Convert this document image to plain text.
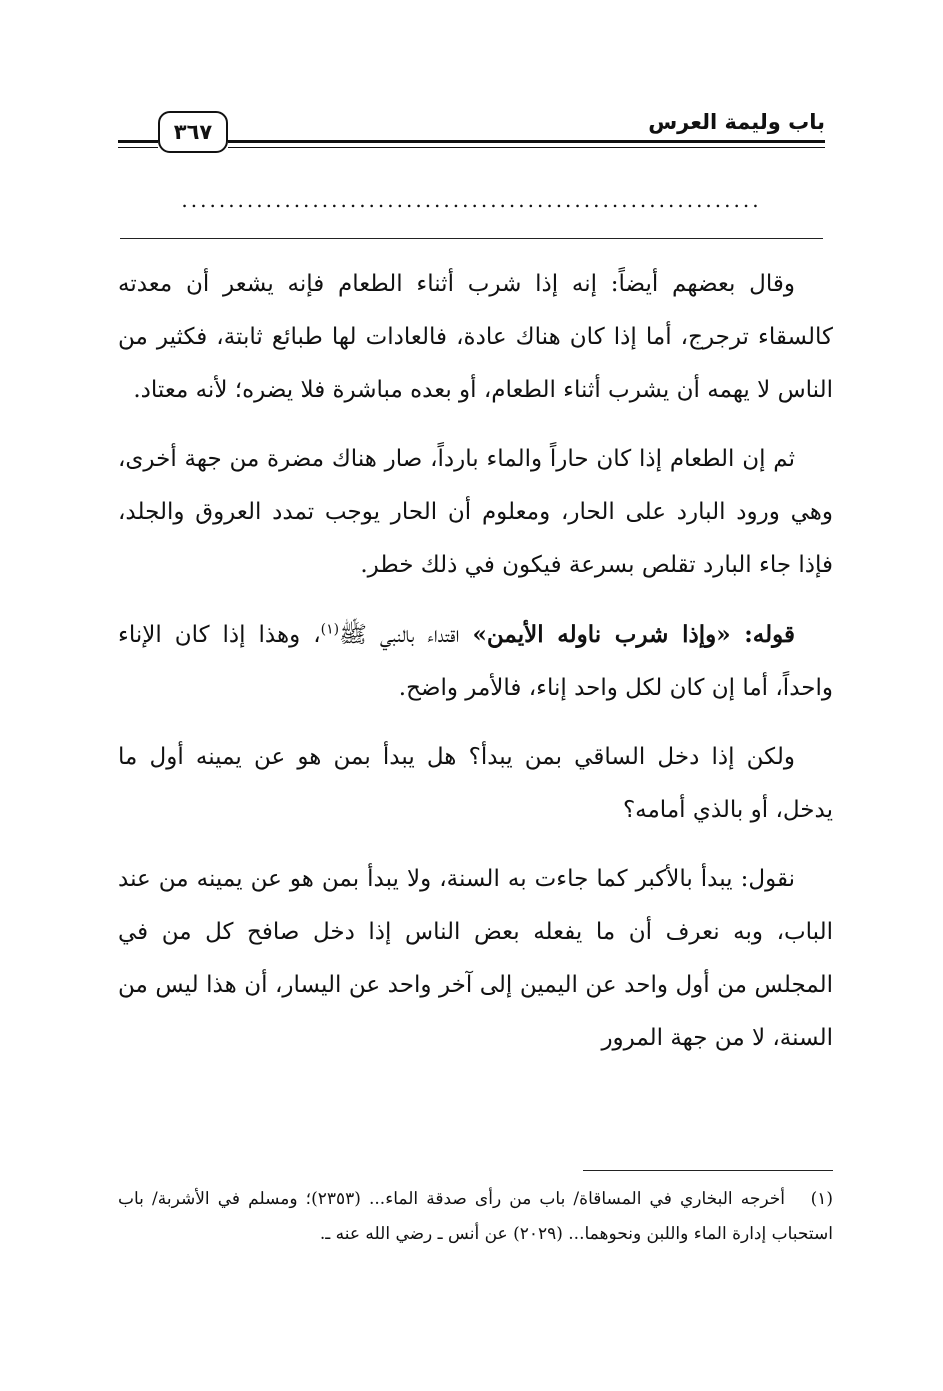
باب وليمة العرس
٣٦٧
..............................................................

وقال بعضهم أيضاً: إنه إذا شرب أثناء الطعام فإنه يشعر أن معدته كالسقاء ترجرج، أما إذا كان هناك عادة، فالعادات لها طبائع ثابتة، فكثير من الناس لا يهمه أن يشرب أثناء الطعام، أو بعده مباشرة فلا يضره؛ لأنه معتاد.

ثم إن الطعام إذا كان حاراً والماء بارداً، صار هناك مضرة من جهة أخرى، وهي ورود البارد على الحار، ومعلوم أن الحار يوجب تمدد العروق والجلد، فإذا جاء البارد تقلص بسرعة فيكون في ذلك خطر.

قوله: «وإذا شرب ناوله الأيمن» اقتداء بالنبي ﷺ$^{(١)}$، وهذا إذا كان الإناء واحداً، أما إن كان لكل واحد إناء، فالأمر واضح.

ولكن إذا دخل الساقي بمن يبدأ؟ هل يبدأ بمن هو عن يمينه أول ما يدخل، أو بالذي أمامه؟

نقول: يبدأ بالأكبر كما جاءت به السنة، ولا يبدأ بمن هو عن يمينه من عند الباب، وبه نعرف أن ما يفعله بعض الناس إذا دخل صافح كل من في المجلس من أول واحد عن اليمين إلى آخر واحد عن اليسار، أن هذا ليس من السنة، لا من جهة المرور

(١)أخرجه البخاري في المساقاة/ باب من رأى صدقة الماء... (٢٣٥٣)؛ ومسلم في الأشربة/ باب استحباب إدارة الماء واللبن ونحوهما... (٢٠٢٩) عن أنس ـ رضي الله عنه ـ.
